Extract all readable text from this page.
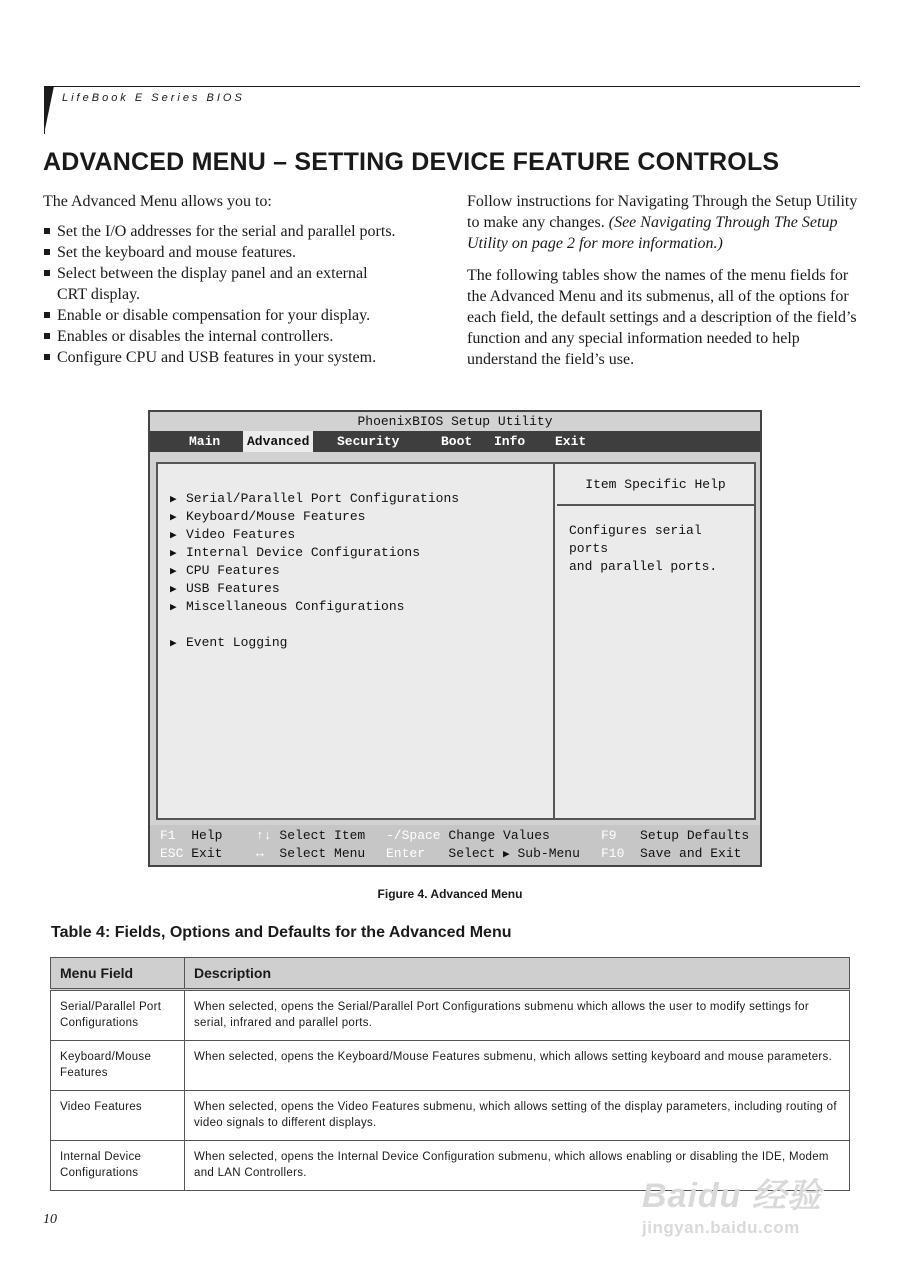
LifeBook E Series BIOS
ADVANCED MENU – SETTING DEVICE FEATURE CONTROLS

The Advanced Menu allows you to:

Set the I/O addresses for the serial and parallel ports.
Set the keyboard and mouse features.
Select between the display panel and an external CRT display.
Enable or disable compensation for your display.
Enables or disables the internal controllers.
Configure CPU and USB features in your system.

Follow instructions for Navigating Through the Setup Utility to make any changes. (See Navigating Through The Setup Utility on page 2 for more information.)

The following tables show the names of the menu fields for the Advanced Menu and its submenus, all of the options for each field, the default settings and a description of the field’s function and any special information needed to help understand the field’s use.

PhoenixBIOS Setup Utility
Main	Advanced	Security	Boot	Info	Exit
▶ Serial/Parallel Port Configurations
▶ Keyboard/Mouse Features
▶ Video Features
▶ Internal Device Configurations
▶ CPU Features
▶ USB Features
▶ Miscellaneous Configurations
▶ Event Logging
Item Specific Help
Configures serial ports
and parallel ports.
F1 Help
ESC Exit
↑↓ Select Item
↔ Select Menu
-/Space Change Values
Enter Select ▶ Sub-Menu
F9 Setup Defaults
F10 Save and Exit
Figure 4. Advanced Menu
Table 4: Fields, Options and Defaults for the Advanced Menu
Menu Field	Description
Serial/Parallel Port Configurations	When selected, opens the Serial/Parallel Port Configurations submenu which allows the user to modify settings for serial, infrared and parallel ports.
Keyboard/Mouse Features	When selected, opens the Keyboard/Mouse Features submenu, which allows setting keyboard and mouse parameters.
Video Features	When selected, opens the Video Features submenu, which allows setting of the display parameters, including routing of video signals to different displays.
Internal Device Configurations	When selected, opens the Internal Device Configuration submenu, which allows enabling or disabling the IDE, Modem and LAN Controllers.
10
Baidu 经验
jingyan.baidu.com
